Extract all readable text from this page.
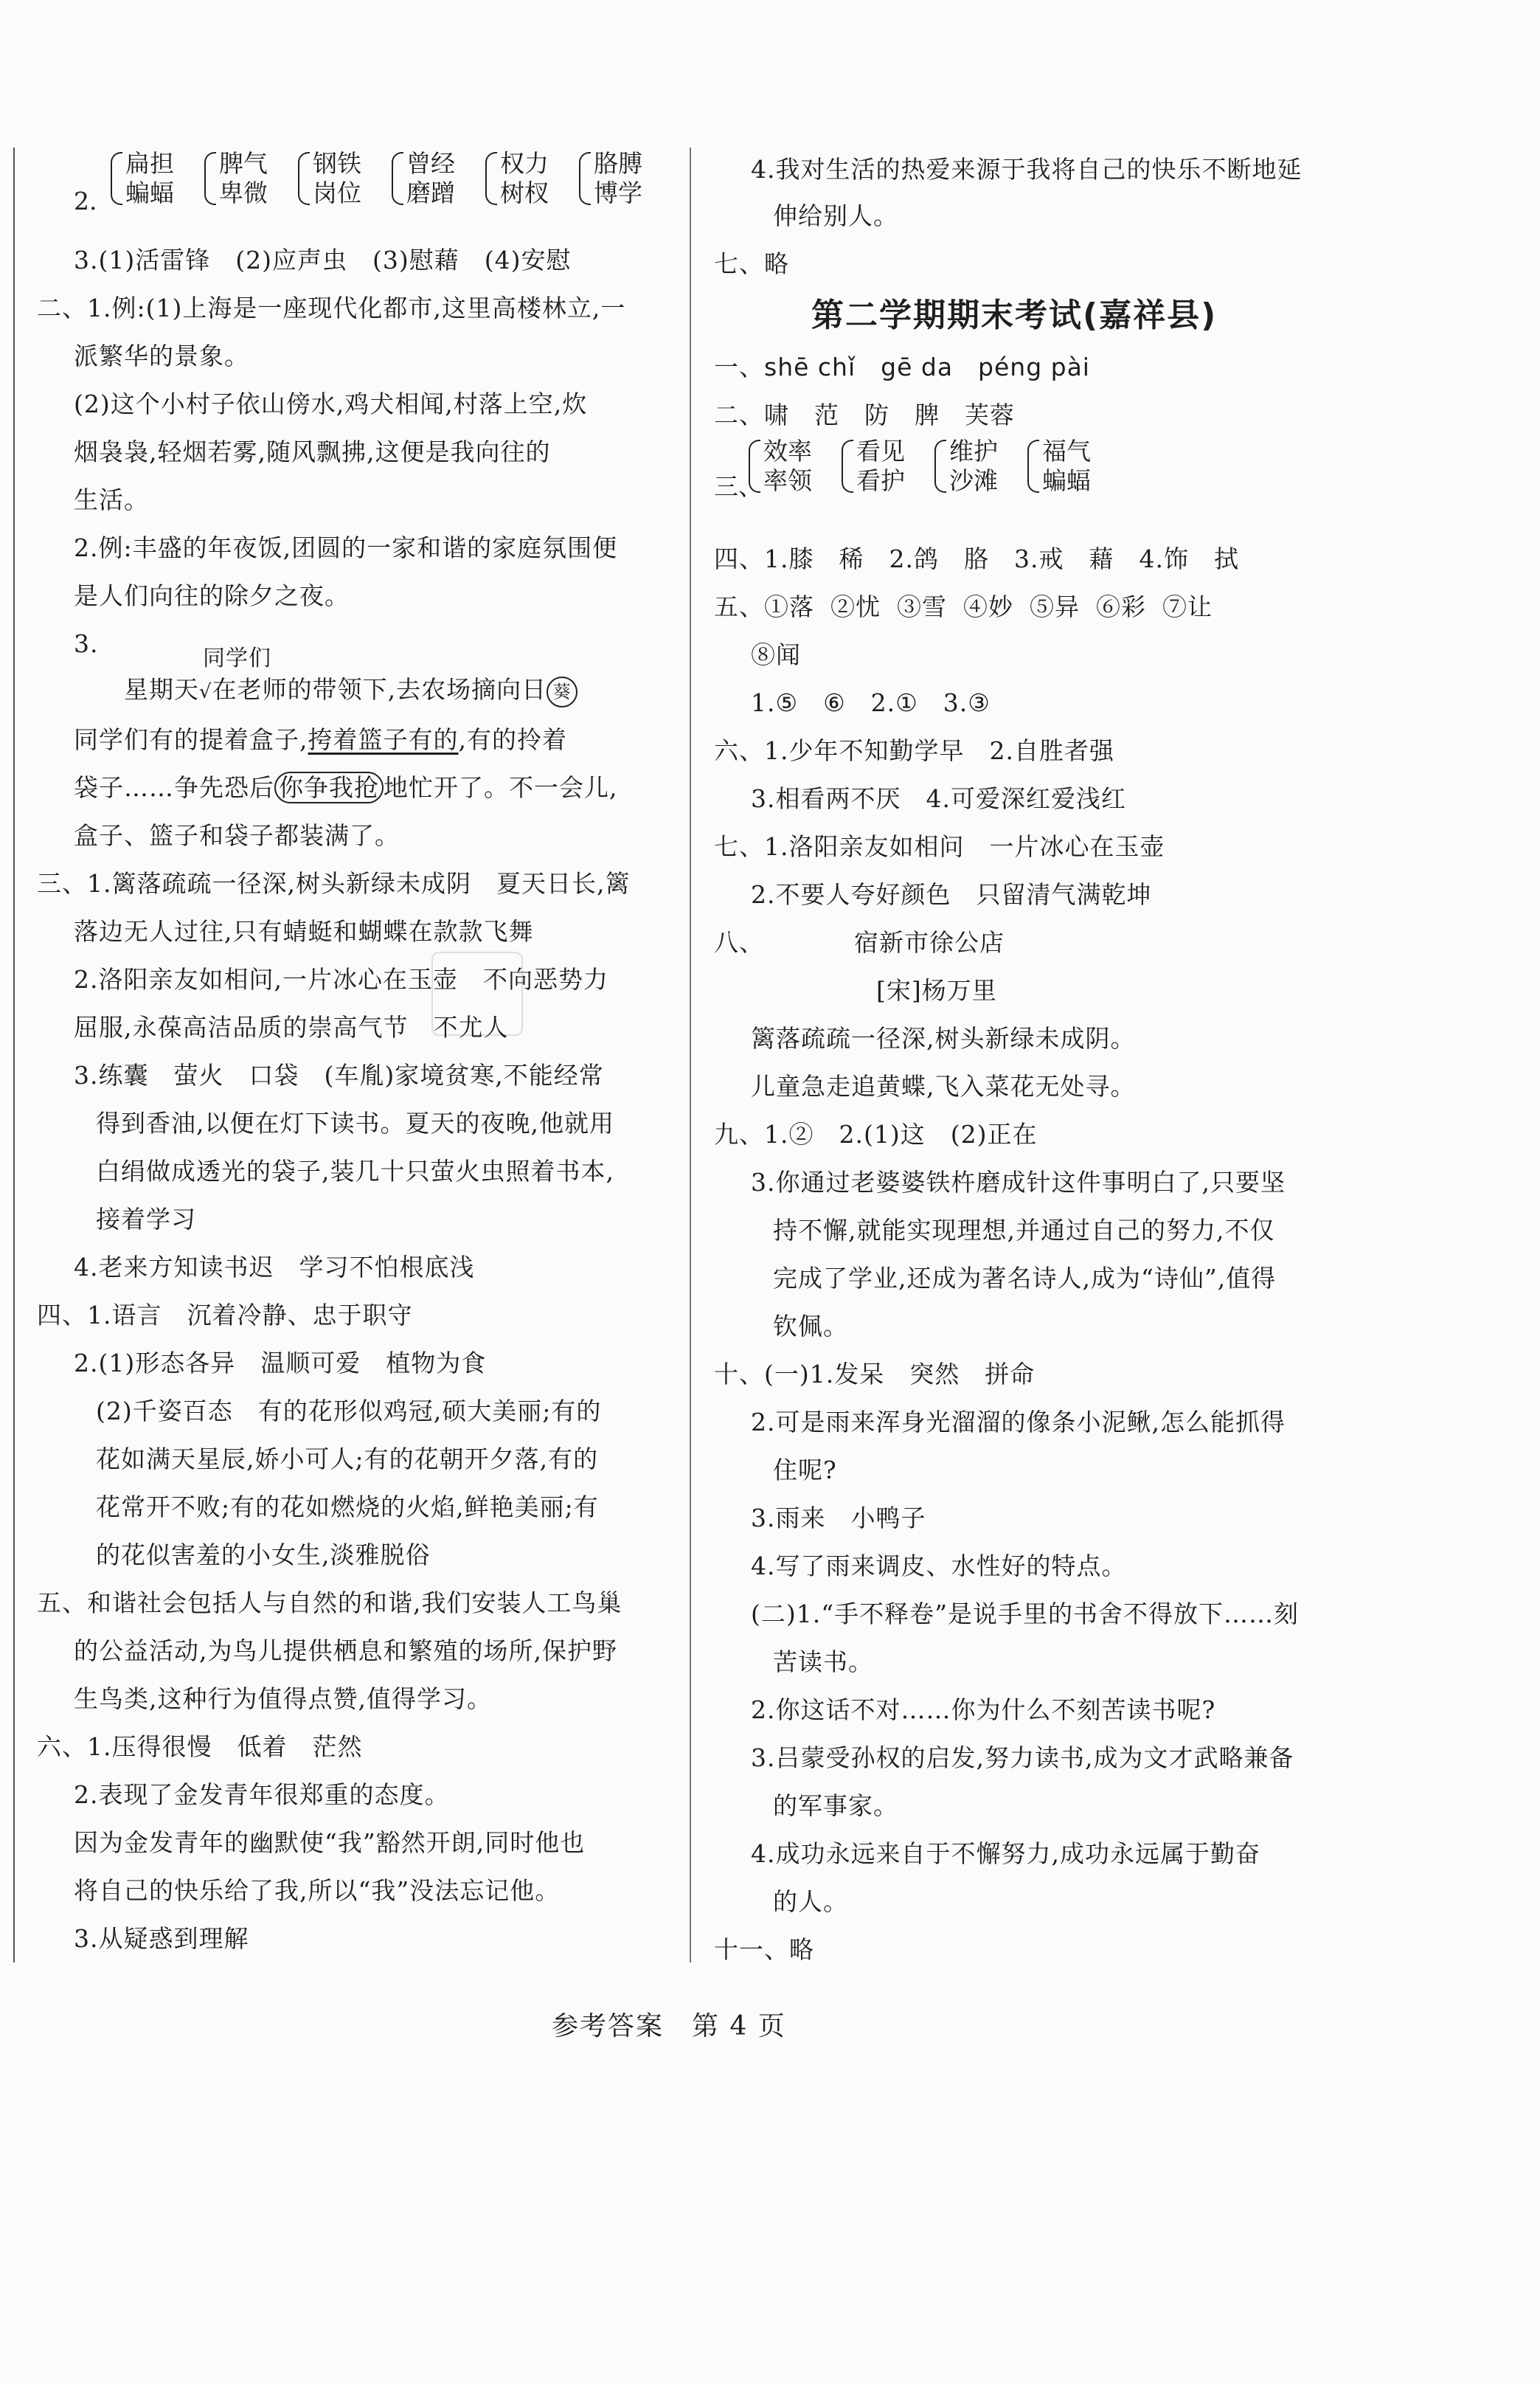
2.
扁担
蝙蝠
脾气
卑微
钢铁
岗位
曾经
磨蹭
权力
树杈
胳膊
博学
3.(1)活雷锋　(2)应声虫　(3)慰藉　(4)安慰
二、1.例:(1)上海是一座现代化都市,这里高楼林立,一
派繁华的景象。
(2)这个小村子依山傍水,鸡犬相闻,村落上空,炊
烟袅袅,轻烟若雾,随风飘拂,这便是我向往的
生活。
2.例:丰盛的年夜饭,团圆的一家和谐的家庭氛围便
是人们向往的除夕之夜。
3.
同学们
星期天√在老师的带领下,去农场摘向日 葵
同学们有的提着盒子,挎着篮子有的,有的拎着
袋子……争先恐后 你争我抢 地忙开了。不一会儿,
盒子、篮子和袋子都装满了。
三、1.篱落疏疏一径深,树头新绿未成阴　夏天日长,篱
落边无人过往,只有蜻蜓和蝴蝶在款款飞舞
2.洛阳亲友如相问,一片冰心在玉壶　不向恶势力
屈服,永葆高洁品质的崇高气节　不尤人
3.练囊　萤火　口袋　(车胤)家境贫寒,不能经常
得到香油,以便在灯下读书。夏天的夜晚,他就用
白绢做成透光的袋子,装几十只萤火虫照着书本,
接着学习
4.老来方知读书迟　学习不怕根底浅
四、1.语言　沉着冷静、忠于职守
2.(1)形态各异　温顺可爱　植物为食
(2)千姿百态　有的花形似鸡冠,硕大美丽;有的
花如满天星辰,娇小可人;有的花朝开夕落,有的
花常开不败;有的花如燃烧的火焰,鲜艳美丽;有
的花似害羞的小女生,淡雅脱俗
五、和谐社会包括人与自然的和谐,我们安装人工鸟巢
的公益活动,为鸟儿提供栖息和繁殖的场所,保护野
生鸟类,这种行为值得点赞,值得学习。
六、1.压得很慢　低着　茫然
2.表现了金发青年很郑重的态度。
因为金发青年的幽默使“我”豁然开朗,同时他也
将自己的快乐给了我,所以“我”没法忘记他。
3.从疑惑到理解
4.我对生活的热爱来源于我将自己的快乐不断地延
伸给别人。
七、略
第二学期期末考试(嘉祥县)
一、shē chǐ　gē da　péng pài
二、啸　范　防　脾　芙蓉
三、
效率
率领
看见
看护
维护
沙滩
福气
蝙蝠
四、1.膝　稀　2.鸽　胳　3.戒　藉　4.饰　拭
五、①落 ②忧 ③雪 ④妙 ⑤异 ⑥彩 ⑦让
⑧闻
1.⑤　⑥　2.①　3.③
六、1.少年不知勤学早　2.自胜者强
3.相看两不厌　4.可爱深红爱浅红
七、1.洛阳亲友如相问　一片冰心在玉壶
2.不要人夸好颜色　只留清气满乾坤
八、	宿新市徐公店
[宋]杨万里
篱落疏疏一径深,树头新绿未成阴。
儿童急走追黄蝶,飞入菜花无处寻。
九、1.②　2.(1)这　(2)正在
3.你通过老婆婆铁杵磨成针这件事明白了,只要坚
持不懈,就能实现理想,并通过自己的努力,不仅
完成了学业,还成为著名诗人,成为“诗仙”,值得
钦佩。
十、(一)1.发呆　突然　拼命
2.可是雨来浑身光溜溜的像条小泥鳅,怎么能抓得
住呢?
3.雨来　小鸭子
4.写了雨来调皮、水性好的特点。
(二)1.“手不释卷”是说手里的书舍不得放下……刻
苦读书。
2.你这话不对……你为什么不刻苦读书呢?
3.吕蒙受孙权的启发,努力读书,成为文才武略兼备
的军事家。
4.成功永远来自于不懈努力,成功永远属于勤奋
的人。
十一、略
参考答案　第 4 页
